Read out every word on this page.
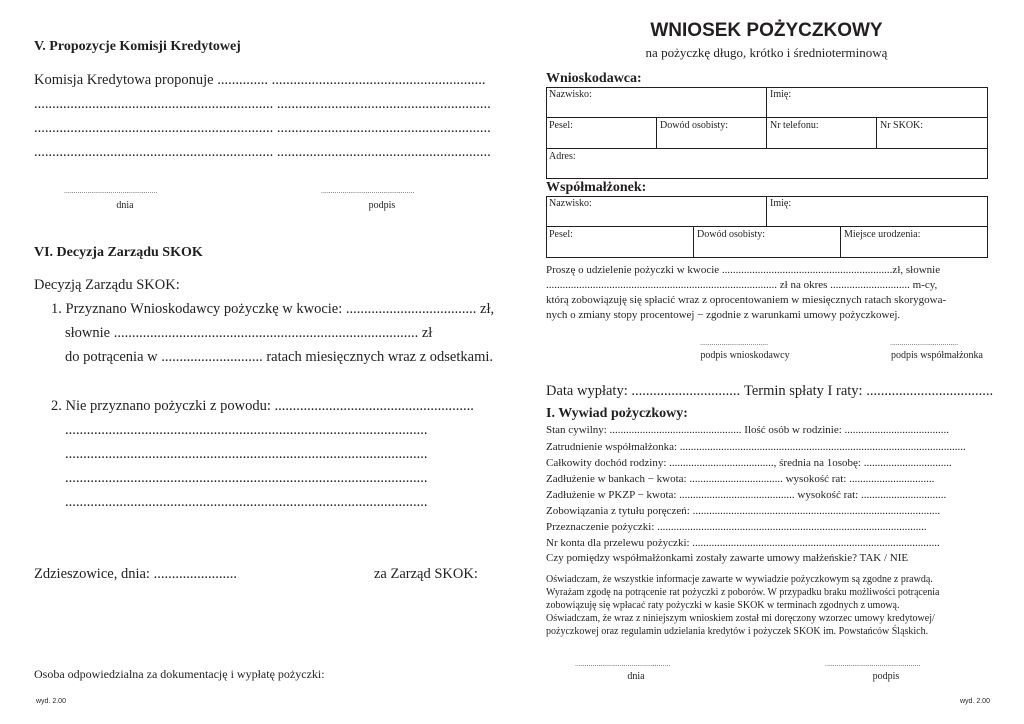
V. Propozycje Komisji Kredytowej
Komisja Kredytowa proponuje .............. ...........................................................
.................................................................. ...........................................................
.................................................................. ...........................................................
.................................................................. ...........................................................
................................................
dnia
................................................
podpis
VI. Decyzja Zarządu SKOK
Decyzją Zarządu SKOK:
1. Przyznano Wnioskodawcy pożyczkę w kwocie: .................................... zł,
słownie .................................................................................... zł
do potrącenia w ............................ ratach miesięcznych wraz z odsetkami.
2. Nie przyznano pożyczki z powodu: .......................................................
....................................................................................................
....................................................................................................
....................................................................................................
....................................................................................................
Zdzieszowice, dnia: .......................	za Zarząd SKOK:
Osoba odpowiedzialna za dokumentację i wypłatę pożyczki:
wyd. 2.00
WNIOSEK POŻYCZKOWY
na pożyczkę długo, krótko i średnioterminową
Wnioskodawca:
Nazwisko:	Imię:
Pesel:	Dowód osobisty:	Nr telefonu:	Nr SKOK:
Adres:
Współmałżonek:
Nazwisko:	Imię:
Pesel:	Dowód osobisty:	Miejsce urodzenia:
Proszę o udzielenie pożyczki w kwocie ..............................................................zł, słownie
.................................................................................... zł na okres ............................. m-cy,
którą zobowiązuję się spłacić wraz z oprocentowaniem w miesięcznych ratach skorygowa-
nych o zmiany stopy procentowej − zgodnie z warunkami umowy pożyczkowej.
...................................
podpis wnioskodawcy
...................................
podpis współmałżonka
Data wypłaty: .............................. Termin spłaty I raty: ...................................
I. Wywiad pożyczkowy:
Stan cywilny: ................................................ Ilość osób w rodzinie: ......................................
Zatrudnienie współmałżonka: ........................................................................................................
Całkowity dochód rodziny: ......................................, średnia na 1osobę: ................................
Zadłużenie w bankach − kwota: .................................. wysokość rat: ...............................
Zadłużenie w PKZP − kwota: .......................................... wysokość rat: ...............................
Zobowiązania z tytułu poręczeń: ..........................................................................................
Przeznaczenie pożyczki: ..................................................................................................
Nr konta dla przelewu pożyczki: ..........................................................................................
Czy pomiędzy współmałżonkami zostały zawarte umowy małżeńskie? TAK / NIE
Oświadczam, że wszystkie informacje zawarte w wywiadzie pożyczkowym są zgodne z prawdą.
Wyrażam zgodę na potrącenie rat pożyczki z poborów. W przypadku braku możliwości potrącenia
zobowiązuję się wpłacać raty pożyczki w kasie SKOK w terminach zgodnych z umową.
Oświadczam, że wraz z niniejszym wnioskiem został mi doręczony wzorzec umowy kredytowej/
pożyczkowej oraz regulamin udzielania kredytów i pożyczek SKOK im. Powstańców Śląskich.
.................................................
dnia
.................................................
podpis
wyd. 2.00
